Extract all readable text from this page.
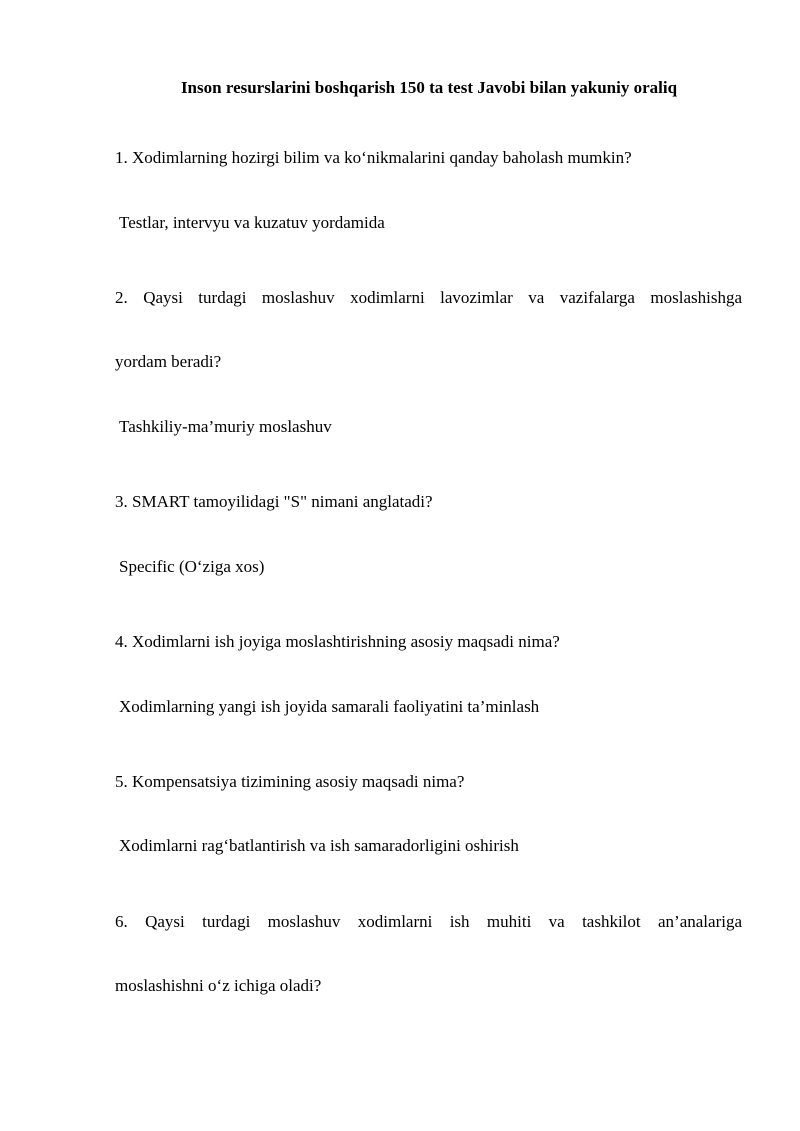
Inson resurslarini boshqarish 150 ta test Javobi bilan yakuniy oraliq
1. Xodimlarning hozirgi bilim va ko‘nikmalarini qanday baholash mumkin?
Testlar, intervyu va kuzatuv yordamida
2. Qaysi turdagi moslashuv xodimlarni lavozimlar va vazifalarga moslashishga
yordam beradi?
Tashkiliy-ma’muriy moslashuv
3. SMART tamoyilidagi "S" nimani anglatadi?
Specific (O‘ziga xos)
4. Xodimlarni ish joyiga moslashtirishning asosiy maqsadi nima?
Xodimlarning yangi ish joyida samarali faoliyatini ta’minlash
5. Kompensatsiya tizimining asosiy maqsadi nima?
Xodimlarni rag‘batlantirish va ish samaradorligini oshirish
6. Qaysi turdagi moslashuv xodimlarni ish muhiti va tashkilot an’analariga
moslashishni o‘z ichiga oladi?
